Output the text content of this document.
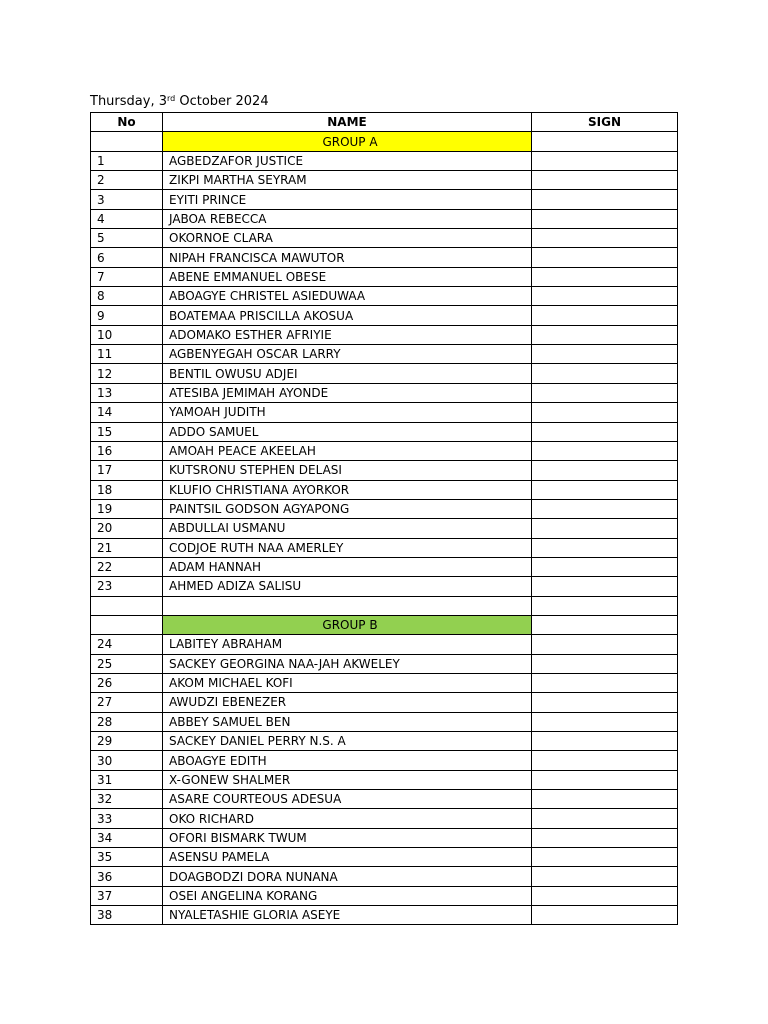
Thursday, 3rd October 2024
No	NAME	SIGN
	GROUP A	
1	AGBEDZAFOR JUSTICE	
2	ZIKPI MARTHA SEYRAM	
3	EYITI PRINCE	
4	JABOA REBECCA	
5	OKORNOE CLARA	
6	NIPAH FRANCISCA MAWUTOR	
7	ABENE EMMANUEL OBESE	
8	ABOAGYE CHRISTEL ASIEDUWAA	
9	BOATEMAA PRISCILLA AKOSUA	
10	ADOMAKO ESTHER AFRIYIE	
11	AGBENYEGAH OSCAR LARRY	
12	BENTIL OWUSU ADJEI	
13	ATESIBA JEMIMAH AYONDE	
14	YAMOAH JUDITH	
15	ADDO SAMUEL	
16	AMOAH PEACE AKEELAH	
17	KUTSRONU STEPHEN DELASI	
18	KLUFIO CHRISTIANA AYORKOR	
19	PAINTSIL GODSON AGYAPONG	
20	ABDULLAI USMANU	
21	CODJOE RUTH NAA AMERLEY	
22	ADAM HANNAH	
23	AHMED ADIZA SALISU	

	GROUP B	
24	LABITEY ABRAHAM	
25	SACKEY GEORGINA NAA-JAH AKWELEY	
26	AKOM MICHAEL KOFI	
27	AWUDZI EBENEZER	
28	ABBEY SAMUEL BEN	
29	SACKEY DANIEL PERRY N.S. A	
30	ABOAGYE EDITH	
31	X-GONEW SHALMER	
32	ASARE COURTEOUS ADESUA	
33	OKO RICHARD	
34	OFORI BISMARK TWUM	
35	ASENSU PAMELA	
36	DOAGBODZI DORA NUNANA	
37	OSEI ANGELINA KORANG	
38	NYALETASHIE GLORIA ASEYE	
